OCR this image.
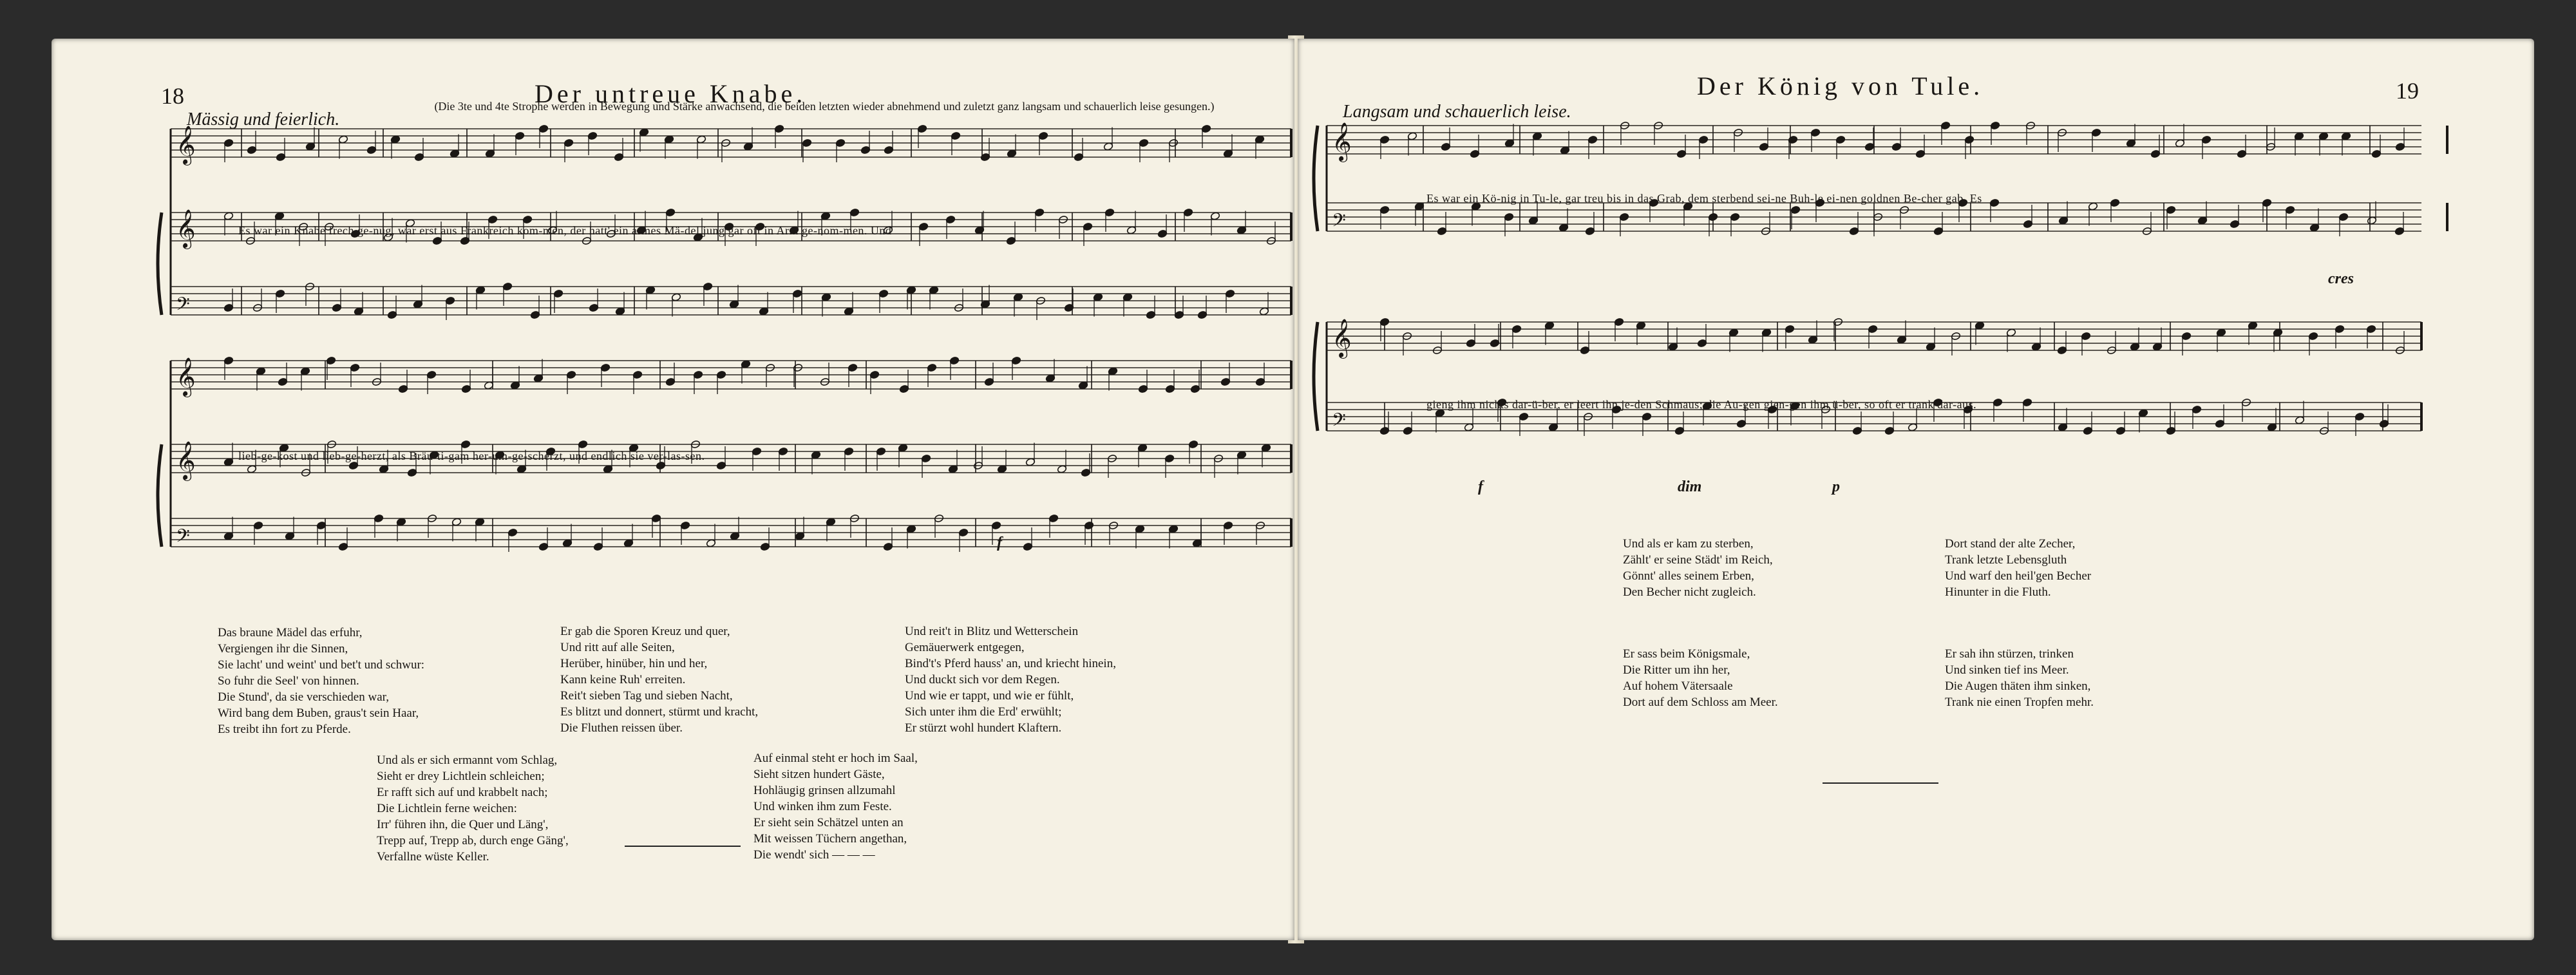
18	Der untreue Knabe.
Mässig und feierlich.
(Die 3te und 4te Strophe werden in Bewegung und Stärke anwachsend, die beiden letzten wieder abnehmend und zuletzt ganz langsam und schauerlich leise gesungen.)
𝄞
𝄞
𝄢
Es war ein Knabe frech ge-nug, war erst aus Frankreich kom-men, der hatt' ein armes Mä-del jung gar oft in Arm ge-nom-men. Und
𝄞
𝄞
𝄢
lieb-ge-kost und lieb-ge-herzt, als Bräu-ti-gam her-um-ge-scherzt, und endlich sie ver-las-sen.
f
Das braune Mädel das erfuhr,
Vergiengen ihr die Sinnen,
Sie lacht' und weint' und bet't und schwur:
So fuhr die Seel' von hinnen.
Die Stund', da sie verschieden war,
Wird bang dem Buben, graus't sein Haar,
Es treibt ihn fort zu Pferde.
Er gab die Sporen Kreuz und quer,
Und ritt auf alle Seiten,
Herüber, hinüber, hin und her,
Kann keine Ruh' erreiten.
Reit't sieben Tag und sieben Nacht,
Es blitzt und donnert, stürmt und kracht,
Die Fluthen reissen über.
Und reit't in Blitz und Wetterschein
Gemäuerwerk entgegen,
Bind't's Pferd hauss' an, und kriecht hinein,
Und duckt sich vor dem Regen.
Und wie er tappt, und wie er fühlt,
Sich unter ihm die Erd' erwühlt;
Er stürzt wohl hundert Klaftern.
Und als er sich ermannt vom Schlag,
Sieht er drey Lichtlein schleichen;
Er rafft sich auf und krabbelt nach;
Die Lichtlein ferne weichen:
Irr' führen ihn, die Quer und Läng',
Trepp auf, Trepp ab, durch enge Gäng',
Verfallne wüste Keller.
Auf einmal steht er hoch im Saal,
Sieht sitzen hundert Gäste,
Hohläugig grinsen allzumahl
Und winken ihm zum Feste.
Er sieht sein Schätzel unten an
Mit weissen Tüchern angethan,
Die wendt' sich — — —
Der König von Tule.	19
Langsam und schauerlich leise.
𝄞
𝄢
Es war ein Kö-nig in Tu-le, gar treu bis in das Grab, dem sterbend sei-ne Buh-le ei-nen goldnen Be-cher gab. Es
cres
𝄞
𝄢
gieng ihm nichts dar-ü-ber, er leert ihn je-den Schmaus; die Au-gen gien-gen ihm ü-ber, so oft er trank dar-aus.
f	dim	p
Und als er kam zu sterben,
Zählt' er seine Städt' im Reich,
Gönnt' alles seinem Erben,
Den Becher nicht zugleich.
Dort stand der alte Zecher,
Trank letzte Lebensgluth
Und warf den heil'gen Becher
Hinunter in die Fluth.
Er sass beim Königsmale,
Die Ritter um ihn her,
Auf hohem Vätersaale
Dort auf dem Schloss am Meer.
Er sah ihn stürzen, trinken
Und sinken tief ins Meer.
Die Augen thäten ihm sinken,
Trank nie einen Tropfen mehr.
